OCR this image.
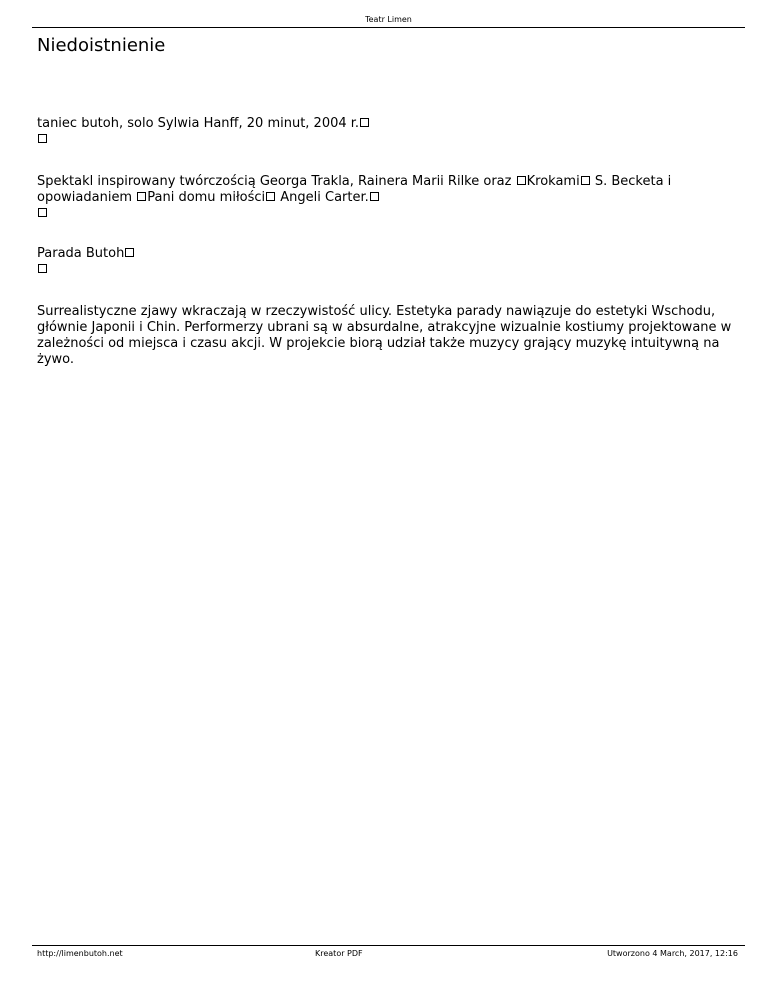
Teatr Limen
Niedoistnienie

taniec butoh, solo Sylwia Hanff, 20 minut, 2004 r.

Spektakl inspirowany twórczością Georga Trakla, Rainera Marii Rilke oraz Krokami S. Becketa i opowiadaniem Pani domu miłości Angeli Carter.

Parada Butoh

Surrealistyczne zjawy wkraczają w rzeczywistość ulicy. Estetyka parady nawiązuje do estetyki Wschodu, głównie Japonii i Chin. Performerzy ubrani są w absurdalne, atrakcyjne wizualnie kostiumy projektowane w zależności od miejsca i czasu akcji. W projekcie biorą udział także muzycy grający muzykę intuitywną na żywo.

http://limenbutoh.net	Kreator PDF	Utworzono 4 March, 2017, 12:16
